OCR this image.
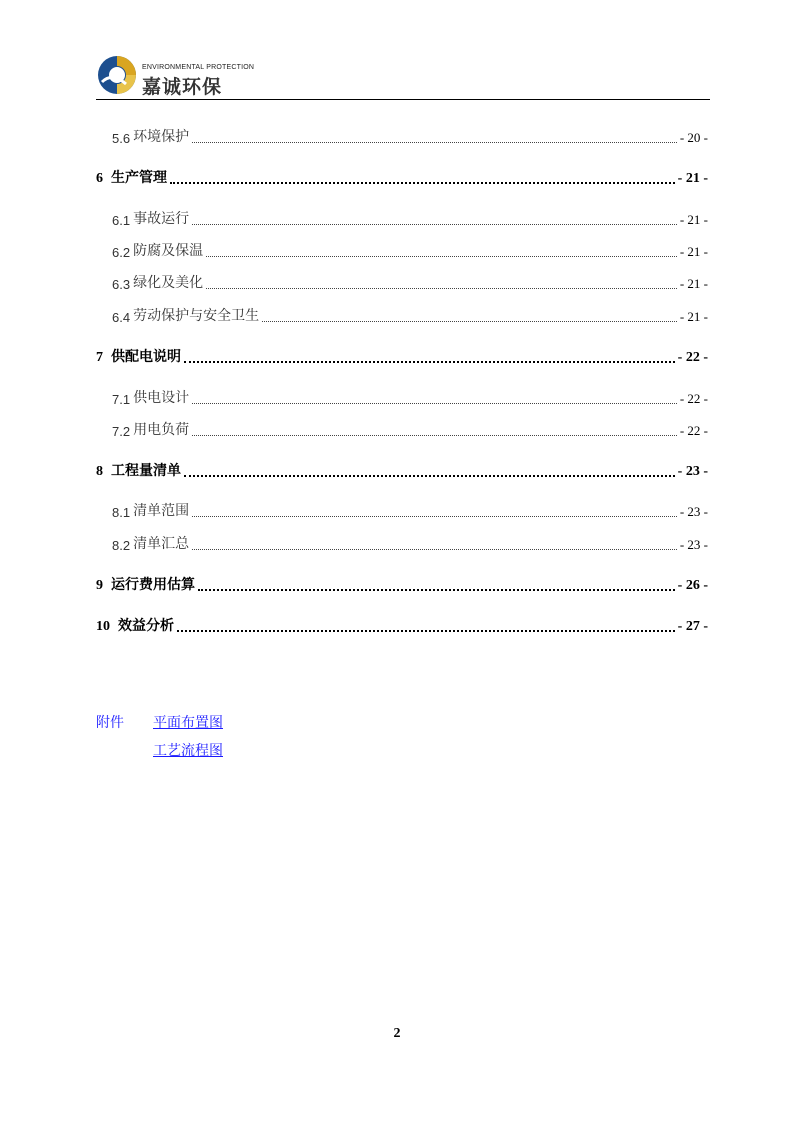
ENVIRONMENTAL PROTECTION
嘉诚环保
5.6 环境保护	- 20 -
6 生产管理	- 21 -
6.1 事故运行	- 21 -
6.2 防腐及保温	- 21 -
6.3 绿化及美化	- 21 -
6.4 劳动保护与安全卫生	- 21 -
7 供配电说明	- 22 -
7.1 供电设计	- 22 -
7.2 用电负荷	- 22 -
8 工程量清单	- 23 -
8.1 清单范围	- 23 -
8.2 清单汇总	- 23 -
9 运行费用估算	- 26 -
10 效益分析	- 27 -
附件 平面布置图
工艺流程图
2
